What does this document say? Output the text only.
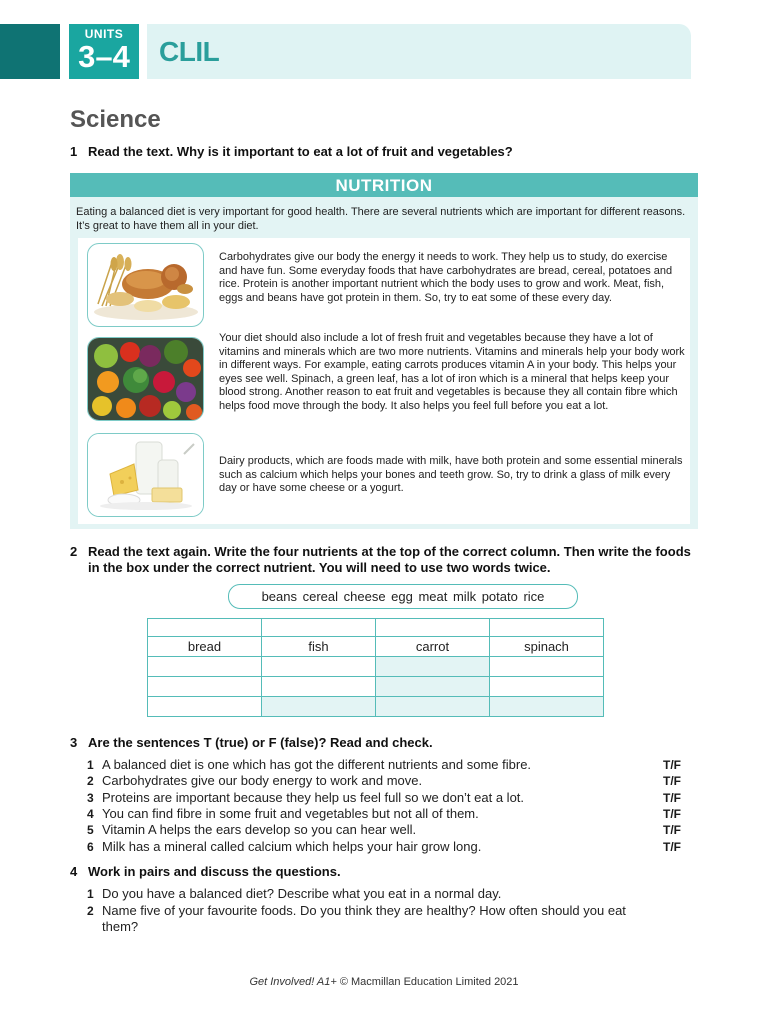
UNITS
3–4	CLIL
Science
1 Read the text. Why is it important to eat a lot of fruit and vegetables?
NUTRITION
Eating a balanced diet is very important for good health. There are several nutrients which are important for different reasons. It’s great to have them all in your diet.
Carbohydrates give our body the energy it needs to work. They help us to study, do exercise and have fun. Some everyday foods that have carbohydrates are bread, cereal, potatoes and rice. Protein is another important nutrient which the body uses to grow and work. Meat, fish, eggs and beans have got protein in them. So, try to eat some of these every day.
Your diet should also include a lot of fresh fruit and vegetables because they have a lot of vitamins and minerals which are two more nutrients. Vitamins and minerals help your body work in different ways. For example, eating carrots produces vitamin A in your body. This helps your eyes see well. Spinach, a green leaf, has a lot of iron which is a mineral that helps keep your blood strong. Another reason to eat fruit and vegetables is because they all contain fibre which helps food move through the body. It also helps you feel full before you eat a lot.
Dairy products, which are foods made with milk, have both protein and some essential minerals such as calcium which helps your bones and teeth grow. So, try to drink a glass of milk every day or have some cheese or a yogurt.
2 Read the text again. Write the four nutrients at the top of the correct column. Then write the foods in the box under the correct nutrient. You will need to use two words twice.
beans cereal cheese egg meat milk potato rice

bread	fish	carrot	spinach

3 Are the sentences T (true) or F (false)? Read and check.
1 A balanced diet is one which has got the different nutrients and some fibre.	T/F
2 Carbohydrates give our body energy to work and move.	T/F
3 Proteins are important because they help us feel full so we don’t eat a lot.	T/F
4 You can find fibre in some fruit and vegetables but not all of them.	T/F
5 Vitamin A helps the ears develop so you can hear well.	T/F
6 Milk has a mineral called calcium which helps your hair grow long.	T/F
4 Work in pairs and discuss the questions.
1 Do you have a balanced diet? Describe what you eat in a normal day.
2 Name five of your favourite foods. Do you think they are healthy? How often should you eat them?
Get Involved! A1+ © Macmillan Education Limited 2021
